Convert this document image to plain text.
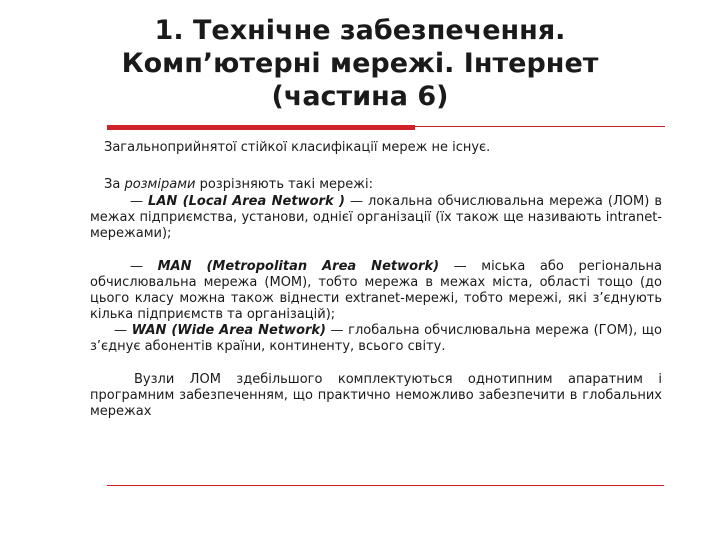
1. Технічне забезпечення.
Комп’ютерні мережі. Інтернет
(частина 6)

Загальноприйнятої стійкої класифікації мереж не існує.

За розмірами розрізняють такі мережі:

— LAN (Local Area Network ) — локальна обчислювальна мережа (ЛОМ) в межах підприємства, установи, однієї організації (їх також ще називають intranet-мережами);

— MAN (Metropolitan Area Network) — міська або регіональна обчислювальна мережа (МОМ), тобто мережа в межах міста, області тощо (до цього класу можна також віднести extranet-мережі, тобто мережі, які з’єднують кілька підприємств та організацій);

— WAN (Wide Area Network) — глобальна обчислювальна мережа (ГОМ), що з’єднує абонентів країни, континенту, всього світу.

Вузли ЛОМ здебільшого комплектуються однотипним апаратним і програмним забезпеченням, що практично неможливо забезпечити в глобальних мережах
